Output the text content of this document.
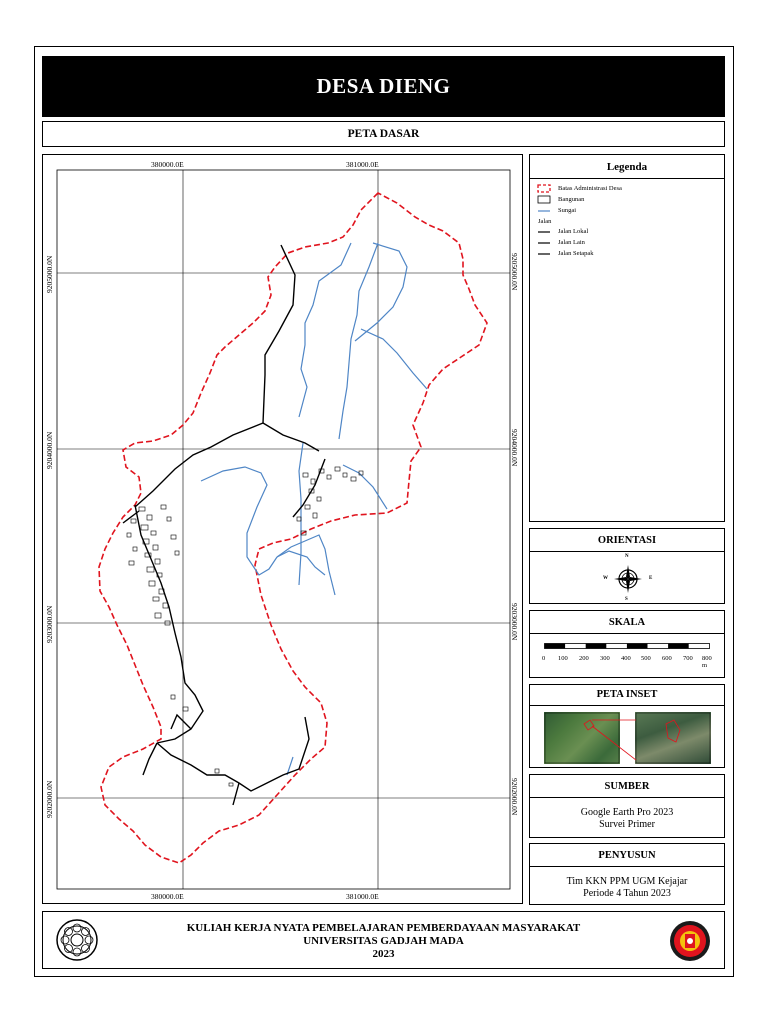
DESA DIENG
PETA DASAR
380000.0E	381000.0E
380000.0E	381000.0E
9205000.0N
9204000.0N
9203000.0N
9202000.0N
9205000.0N
9204000.0N
9203000.0N
9202000.0N
Legenda
Batas Administrasi Desa
Bangunan
Sungai
Jalan
Jalan Lokal
Jalan Lain
Jalan Setapak
ORIENTASI
N
S
E
W
SKALA
0 100 200 300 400 500 600 700 800 m
PETA INSET
SUMBER
Google Earth Pro 2023
Survei Primer
PENYUSUN
Tim KKN PPM UGM Kejajar
Periode 4 Tahun 2023
KULIAH KERJA NYATA PEMBELAJARAN PEMBERDAYAAN MASYARAKAT
UNIVERSITAS GADJAH MADA
2023
